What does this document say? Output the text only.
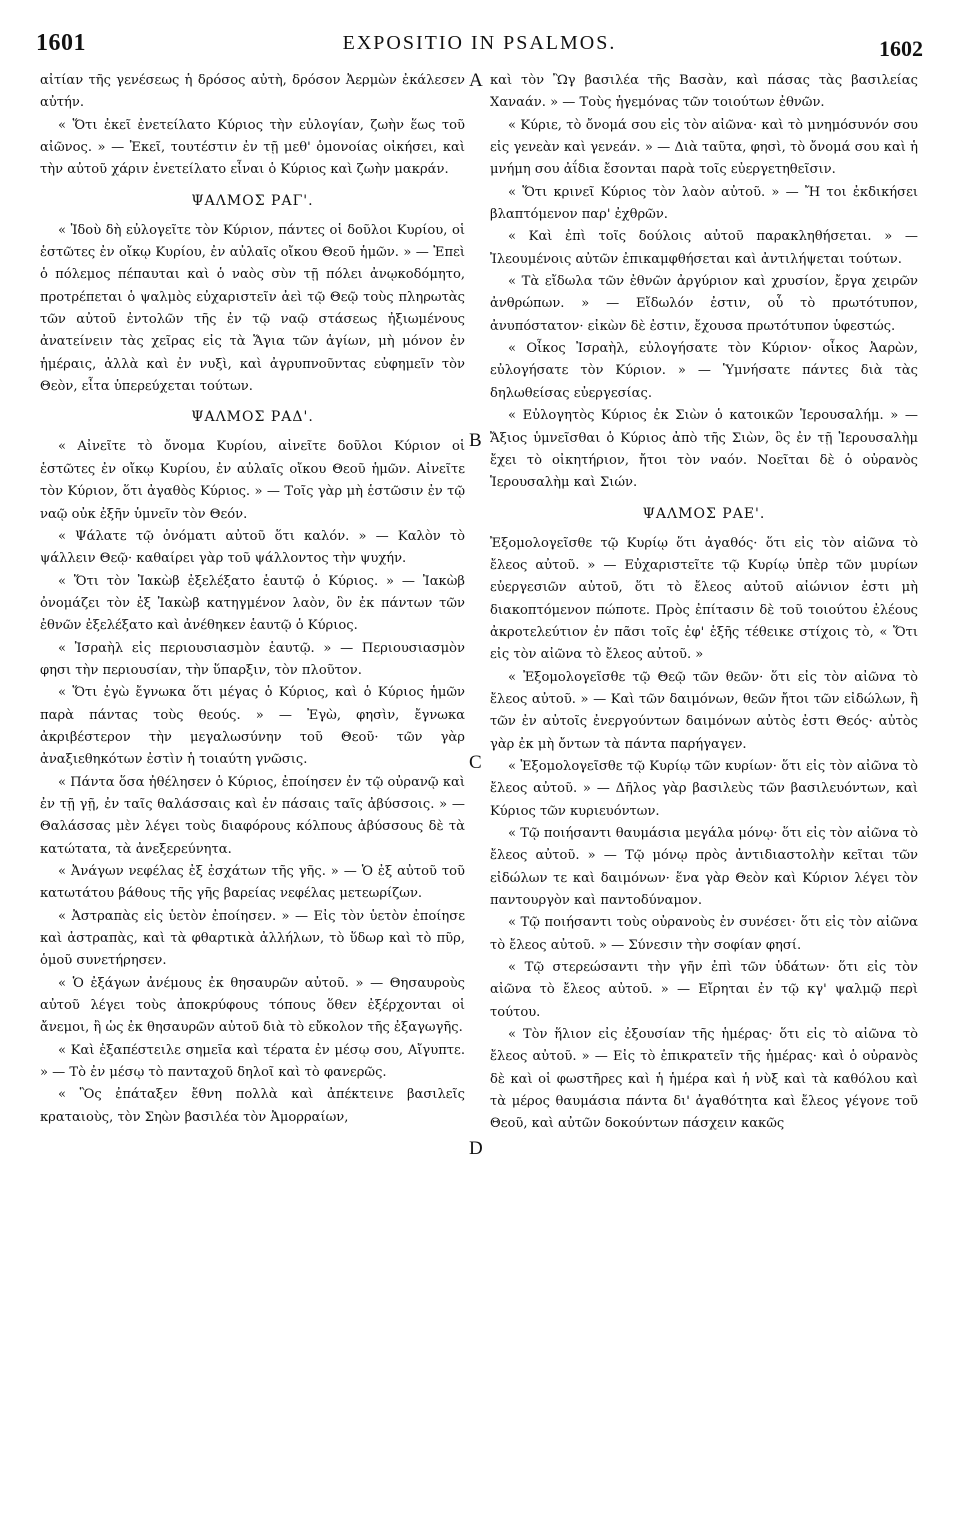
1601	EXPOSITIO IN PSALMOS.	1602
A
B
C
D

αἰτίαν τῆς γενέσεως ἡ δρόσος αὐτὴ, δρόσον Ἀερμὼν ἐκάλεσεν αὐτήν.

« Ὅτι ἐκεῖ ἐνετείλατο Κύριος τὴν εὐλογίαν, ζωὴν ἕως τοῦ αἰῶνος. » — Ἐκεῖ, τουτέστιν ἐν τῇ μεθ' ὁμονοίας οἰκήσει, καὶ τὴν αὐτοῦ χάριν ἐνετείλατο εἶναι ὁ Κύριος καὶ ζωὴν μακράν.

ΨΑΛΜΟΣ ΡΑΓ'.

« Ἰδοὺ δὴ εὐλογεῖτε τὸν Κύριον, πάντες οἱ δοῦλοι Κυρίου, οἱ ἑστῶτες ἐν οἴκῳ Κυρίου, ἐν αὐλαῖς οἴκου Θεοῦ ἡμῶν. » — Ἐπεὶ ὁ πόλεμος πέπαυται καὶ ὁ ναὸς σὺν τῇ πόλει ἀνῳκοδόμητο, προτρέπεται ὁ ψαλμὸς εὐχαριστεῖν ἀεὶ τῷ Θεῷ τοὺς πληρωτὰς τῶν αὐτοῦ ἐντολῶν τῆς ἐν τῷ ναῷ στάσεως ἠξιωμένους ἀνατείνειν τὰς χεῖρας εἰς τὰ Ἅγια τῶν ἁγίων, μὴ μόνον ἐν ἡμέραις, ἀλλὰ καὶ ἐν νυξὶ, καὶ ἀγρυπνοῦντας εὐφημεῖν τὸν Θεὸν, εἶτα ὑπερεύχεται τούτων.

ΨΑΛΜΟΣ ΡΑΔ'.

« Αἰνεῖτε τὸ ὄνομα Κυρίου, αἰνεῖτε δοῦλοι Κύριον οἱ ἑστῶτες ἐν οἴκῳ Κυρίου, ἐν αὐλαῖς οἴκου Θεοῦ ἡμῶν. Αἰνεῖτε τὸν Κύριον, ὅτι ἀγαθὸς Κύριος. » — Τοῖς γὰρ μὴ ἑστῶσιν ἐν τῷ ναῷ οὐκ ἐξῆν ὑμνεῖν τὸν Θεόν.

« Ψάλατε τῷ ὀνόματι αὐτοῦ ὅτι καλόν. » — Καλὸν τὸ ψάλλειν Θεῷ· καθαίρει γὰρ τοῦ ψάλλοντος τὴν ψυχήν.

« Ὅτι τὸν Ἰακὼβ ἐξελέξατο ἑαυτῷ ὁ Κύριος. » — Ἰακὼβ ὀνομάζει τὸν ἐξ Ἰακὼβ κατηγμένον λαὸν, ὃν ἐκ πάντων τῶν ἐθνῶν ἐξελέξατο καὶ ἀνέθηκεν ἑαυτῷ ὁ Κύριος.

« Ἰσραὴλ εἰς περιουσιασμὸν ἑαυτῷ. » — Περιουσιασμὸν φησι τὴν περιουσίαν, τὴν ὕπαρξιν, τὸν πλοῦτον.

« Ὅτι ἐγὼ ἔγνωκα ὅτι μέγας ὁ Κύριος, καὶ ὁ Κύριος ἡμῶν παρὰ πάντας τοὺς θεούς. » — Ἐγὼ, φησὶν, ἔγνωκα ἀκριβέστερον τὴν μεγαλωσύνην τοῦ Θεοῦ· τῶν γὰρ ἀναξιεθηκότων ἐστὶν ἡ τοιαύτη γνῶσις.

« Πάντα ὅσα ἠθέλησεν ὁ Κύριος, ἐποίησεν ἐν τῷ οὐρανῷ καὶ ἐν τῇ γῇ, ἐν ταῖς θαλάσσαις καὶ ἐν πάσαις ταῖς ἀβύσσοις. » — Θαλάσσας μὲν λέγει τοὺς διαφόρους κόλπους ἀβύσσους δὲ τὰ κατώτατα, τὰ ἀνεξερεύνητα.

« Ἀνάγων νεφέλας ἐξ ἐσχάτων τῆς γῆς. » — Ὁ ἐξ αὐτοῦ τοῦ κατωτάτου βάθους τῆς γῆς βαρείας νεφέλας μετεωρίζων.

« Ἀστραπὰς εἰς ὑετὸν ἐποίησεν. » — Εἰς τὸν ὑετὸν ἐποίησε καὶ ἀστραπὰς, καὶ τὰ φθαρτικὰ ἀλλήλων, τὸ ὕδωρ καὶ τὸ πῦρ, ὁμοῦ συνετήρησεν.

« Ὁ ἐξάγων ἀνέμους ἐκ θησαυρῶν αὐτοῦ. » — Θησαυροὺς αὐτοῦ λέγει τοὺς ἀποκρύφους τόπους ὅθεν ἐξέρχονται οἱ ἄνεμοι, ἢ ὡς ἐκ θησαυρῶν αὐτοῦ διὰ τὸ εὔκολον τῆς ἐξαγωγῆς.

« Καὶ ἐξαπέστειλε σημεῖα καὶ τέρατα ἐν μέσῳ σου, Αἴγυπτε. » — Τὸ ἐν μέσῳ τὸ πανταχοῦ δηλοῖ καὶ τὸ φανερῶς.

« Ὃς ἐπάταξεν ἔθνη πολλὰ καὶ ἀπέκτεινε βασιλεῖς κραταιοὺς, τὸν Σηὼν βασιλέα τὸν Ἀμορραίων,

καὶ τὸν Ὢγ βασιλέα τῆς Βασὰν, καὶ πάσας τὰς βασιλείας Χαναάν. » — Τοὺς ἡγεμόνας τῶν τοιούτων ἐθνῶν.

« Κύριε, τὸ ὄνομά σου εἰς τὸν αἰῶνα· καὶ τὸ μνημόσυνόν σου εἰς γενεὰν καὶ γενεάν. » — Διὰ ταῦτα, φησὶ, τὸ ὄνομά σου καὶ ἡ μνήμη σου ἀΐδια ἔσονται παρὰ τοῖς εὐεργετηθεῖσιν.

« Ὅτι κρινεῖ Κύριος τὸν λαὸν αὐτοῦ. » — Ἤ τοι ἐκδικήσει βλαπτόμενον παρ' ἐχθρῶν.

« Καὶ ἐπὶ τοῖς δούλοις αὐτοῦ παρακληθήσεται. » — Ἰλεουμένοις αὐτῶν ἐπικαμφθήσεται καὶ ἀντιλήψεται τούτων.

« Τὰ εἴδωλα τῶν ἐθνῶν ἀργύριον καὶ χρυσίον, ἔργα χειρῶν ἀνθρώπων. » — Εἴδωλόν ἐστιν, οὗ τὸ πρωτότυπον, ἀνυπόστατον· εἰκὼν δὲ ἐστιν, ἔχουσα πρωτότυπον ὑφεστώς.

« Οἶκος Ἰσραὴλ, εὐλογήσατε τὸν Κύριον· οἶκος Ἀαρὼν, εὐλογήσατε τὸν Κύριον. » — Ὑμνήσατε πάντες διὰ τὰς δηλωθείσας εὐεργεσίας.

« Εὐλογητὸς Κύριος ἐκ Σιὼν ὁ κατοικῶν Ἱερουσαλήμ. » — Ἄξιος ὑμνεῖσθαι ὁ Κύριος ἀπὸ τῆς Σιὼν, ὃς ἐν τῇ Ἱερουσαλὴμ ἔχει τὸ οἰκητήριον, ἤτοι τὸν ναόν. Νοεῖται δὲ ὁ οὐρανὸς Ἱερουσαλὴμ καὶ Σιών.

ΨΑΛΜΟΣ ΡΑΕ'.

Ἐξομολογεῖσθε τῷ Κυρίῳ ὅτι ἀγαθός· ὅτι εἰς τὸν αἰῶνα τὸ ἔλεος αὐτοῦ. » — Εὐχαριστεῖτε τῷ Κυρίῳ ὑπὲρ τῶν μυρίων εὐεργεσιῶν αὐτοῦ, ὅτι τὸ ἔλεος αὐτοῦ αἰώνιον ἐστι μὴ διακοπτόμενον πώποτε. Πρὸς ἐπίτασιν δὲ τοῦ τοιούτου ἐλέους ἀκροτελεύτιον ἐν πᾶσι τοῖς ἐφ' ἑξῆς τέθεικε στίχοις τὸ, « Ὅτι εἰς τὸν αἰῶνα τὸ ἔλεος αὐτοῦ. »

« Ἐξομολογεῖσθε τῷ Θεῷ τῶν θεῶν· ὅτι εἰς τὸν αἰῶνα τὸ ἔλεος αὐτοῦ. » — Καὶ τῶν δαιμόνων, θεῶν ἤτοι τῶν εἰδώλων, ἢ τῶν ἐν αὐτοῖς ἐνεργούντων δαιμόνων αὐτὸς ἐστι Θεός· αὐτὸς γὰρ ἐκ μὴ ὄντων τὰ πάντα παρήγαγεν.

« Ἐξομολογεῖσθε τῷ Κυρίῳ τῶν κυρίων· ὅτι εἰς τὸν αἰῶνα τὸ ἔλεος αὐτοῦ. » — Δῆλος γὰρ βασιλεὺς τῶν βασιλευόντων, καὶ Κύριος τῶν κυριευόντων.

« Τῷ ποιήσαντι θαυμάσια μεγάλα μόνῳ· ὅτι εἰς τὸν αἰῶνα τὸ ἔλεος αὐτοῦ. » — Τῷ μόνῳ πρὸς ἀντιδιαστολὴν κεῖται τῶν εἰδώλων τε καὶ δαιμόνων· ἕνα γὰρ Θεὸν καὶ Κύριον λέγει τὸν παντουργὸν καὶ παντοδύναμον.

« Τῷ ποιήσαντι τοὺς οὐρανοὺς ἐν συνέσει· ὅτι εἰς τὸν αἰῶνα τὸ ἔλεος αὐτοῦ. » — Σύνεσιν τὴν σοφίαν φησί.

« Τῷ στερεώσαντι τὴν γῆν ἐπὶ τῶν ὑδάτων· ὅτι εἰς τὸν αἰῶνα τὸ ἔλεος αὐτοῦ. » — Εἴρηται ἐν τῷ κγ' ψαλμῷ περὶ τούτου.

« Τὸν ἥλιον εἰς ἐξουσίαν τῆς ἡμέρας· ὅτι εἰς τὸ αἰῶνα τὸ ἔλεος αὐτοῦ. » — Εἰς τὸ ἐπικρατεῖν τῆς ἡμέρας· καὶ ὁ οὐρανὸς δὲ καὶ οἱ φωστῆρες καὶ ἡ ἡμέρα καὶ ἡ νὺξ καὶ τὰ καθόλου καὶ τὰ μέρος θαυμάσια πάντα δι' ἀγαθότητα καὶ ἔλεος γέγονε τοῦ Θεοῦ, καὶ αὐτῶν δοκούντων πάσχειν κακῶς
